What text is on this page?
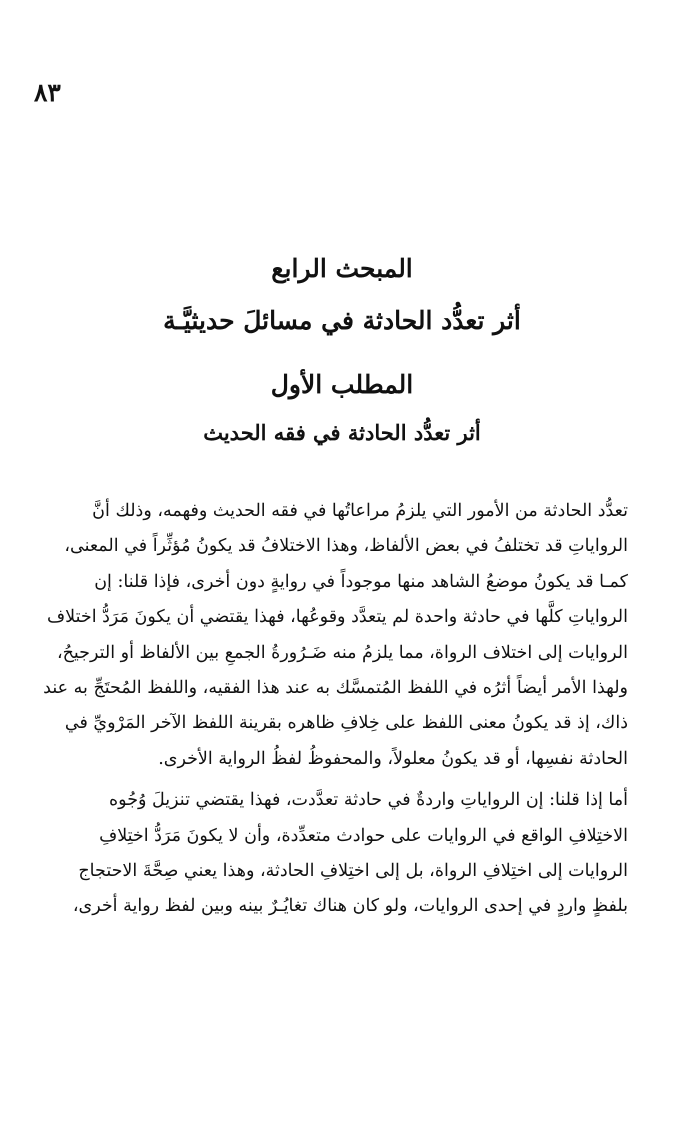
٨٣
المبحث الرابع
أثر تعدُّد الحادثة في مسائلَ حديثيَّـة
المطلب الأول
أثر تعدُّد الحادثة في فقه الحديث

تعدُّد الحادثة من الأمور التي يلزمُ مراعاتُها في فقه الحديث وفهمه، وذلك أنَّ
الرواياتِ قد تختلفُ في بعض الألفاظ، وهذا الاختلافُ قد يكونُ مُؤثِّراً في المعنى،
كمـا قد يكونُ موضعُ الشاهد منها موجوداً في روايةٍ دون أخرى، فإذا قلنا: إن
الرواياتِ كلَّها في حادثة واحدة لم يتعدَّد وقوعُها، فهذا يقتضي أن يكونَ مَرَدُّ اختلاف
الروايات إلى اختلاف الرواة، مما يلزمُ منه ضَـرُورةُ الجمعِ بين الألفاظ أو الترجيحُ،
ولهذا الأمر أيضاً أثرُه في اللفظ المُتمسَّك به عند هذا الفقيه، واللفظ المُحتَجِّ به عند
ذاك، إذ قد يكونُ معنى اللفظ على خِلافِ ظاهره بقرينة اللفظ الآخر المَرْويِّ في
الحادثة نفسِها، أو قد يكونُ معلولاً، والمحفوظُ لفظُ الرواية الأخرى.

أما إذا قلنا: إن الرواياتِ واردةٌ في حادثة تعدَّدت، فهذا يقتضي تنزيلَ وُجُوه
الاختِلافِ الواقع في الروايات على حوادث متعدِّدة، وأن لا يكونَ مَرَدُّ اختِلافِ
الروايات إلى اختِلافِ الرواة، بل إلى اختِلافِ الحادثة، وهذا يعني صِحَّةَ الاحتجاج
بلفظٍ واردٍ في إحدى الروايات، ولو كان هناك تغايُـرٌ بينه وبين لفظ رواية أخرى،
